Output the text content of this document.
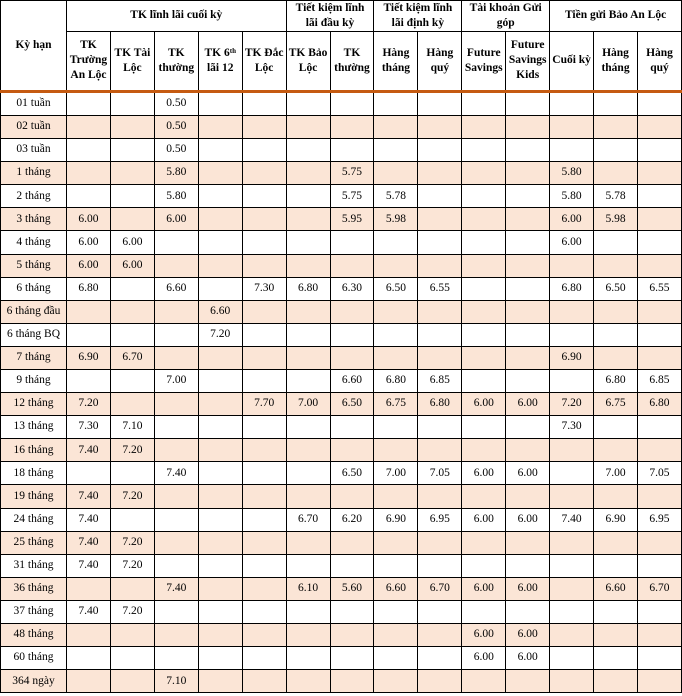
Kỳ hạn	TK lĩnh lãi cuối kỳ					Tiết kiệm lĩnh lãi đầu kỳ		Tiết kiệm lĩnh lãi định kỳ		Tài khoản Gửi góp		Tiền gửi Bảo An Lộc		
	TK Trường An Lộc	TK Tài Lộc	TK thường	TK 6ᵗʰ lãi 12	TK Đắc Lộc	TK Bảo Lộc	TK thường	Hàng tháng	Hàng quý	Future Savings	Future Savings Kids	Cuối kỳ	Hàng tháng	Hàng quý
01 tuần			0.50											
02 tuần			0.50											
03 tuần			0.50											
1 tháng			5.80				5.75					5.80		
2 tháng			5.80				5.75	5.78				5.80	5.78	
3 tháng	6.00		6.00				5.95	5.98				6.00	5.98	
4 tháng	6.00	6.00										6.00		
5 tháng	6.00	6.00												
6 tháng	6.80		6.60		7.30	6.80	6.30	6.50	6.55			6.80	6.50	6.55
6 tháng đầu				6.60										
6 tháng BQ				7.20										
7 tháng	6.90	6.70										6.90		
9 tháng			7.00				6.60	6.80	6.85				6.80	6.85
12 tháng	7.20				7.70	7.00	6.50	6.75	6.80	6.00	6.00	7.20	6.75	6.80
13 tháng	7.30	7.10										7.30		
16 tháng	7.40	7.20												
18 tháng			7.40				6.50	7.00	7.05	6.00	6.00		7.00	7.05
19 tháng	7.40	7.20												
24 tháng	7.40					6.70	6.20	6.90	6.95	6.00	6.00	7.40	6.90	6.95
25 tháng	7.40	7.20												
31 tháng	7.40	7.20												
36 tháng			7.40			6.10	5.60	6.60	6.70	6.00	6.00		6.60	6.70
37 tháng	7.40	7.20												
48 tháng										6.00	6.00			
60 tháng										6.00	6.00			
364 ngày			7.10											
